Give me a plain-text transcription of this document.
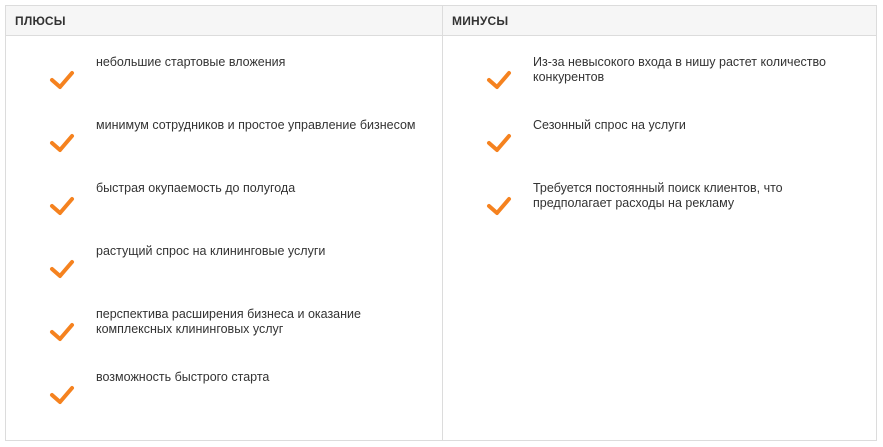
ПЛЮСЫ
небольшие стартовые вложения
минимум сотрудников и простое управление бизнесом
быстрая окупаемость до полугода
растущий спрос на клининговые услуги
перспектива расширения бизнеса и оказание комплексных клининговых услуг
возможность быстрого старта
МИНУСЫ
Из-за невысокого входа в нишу растет количество конкурентов
Сезонный спрос на услуги
Требуется постоянный поиск клиентов, что предполагает расходы на рекламу
